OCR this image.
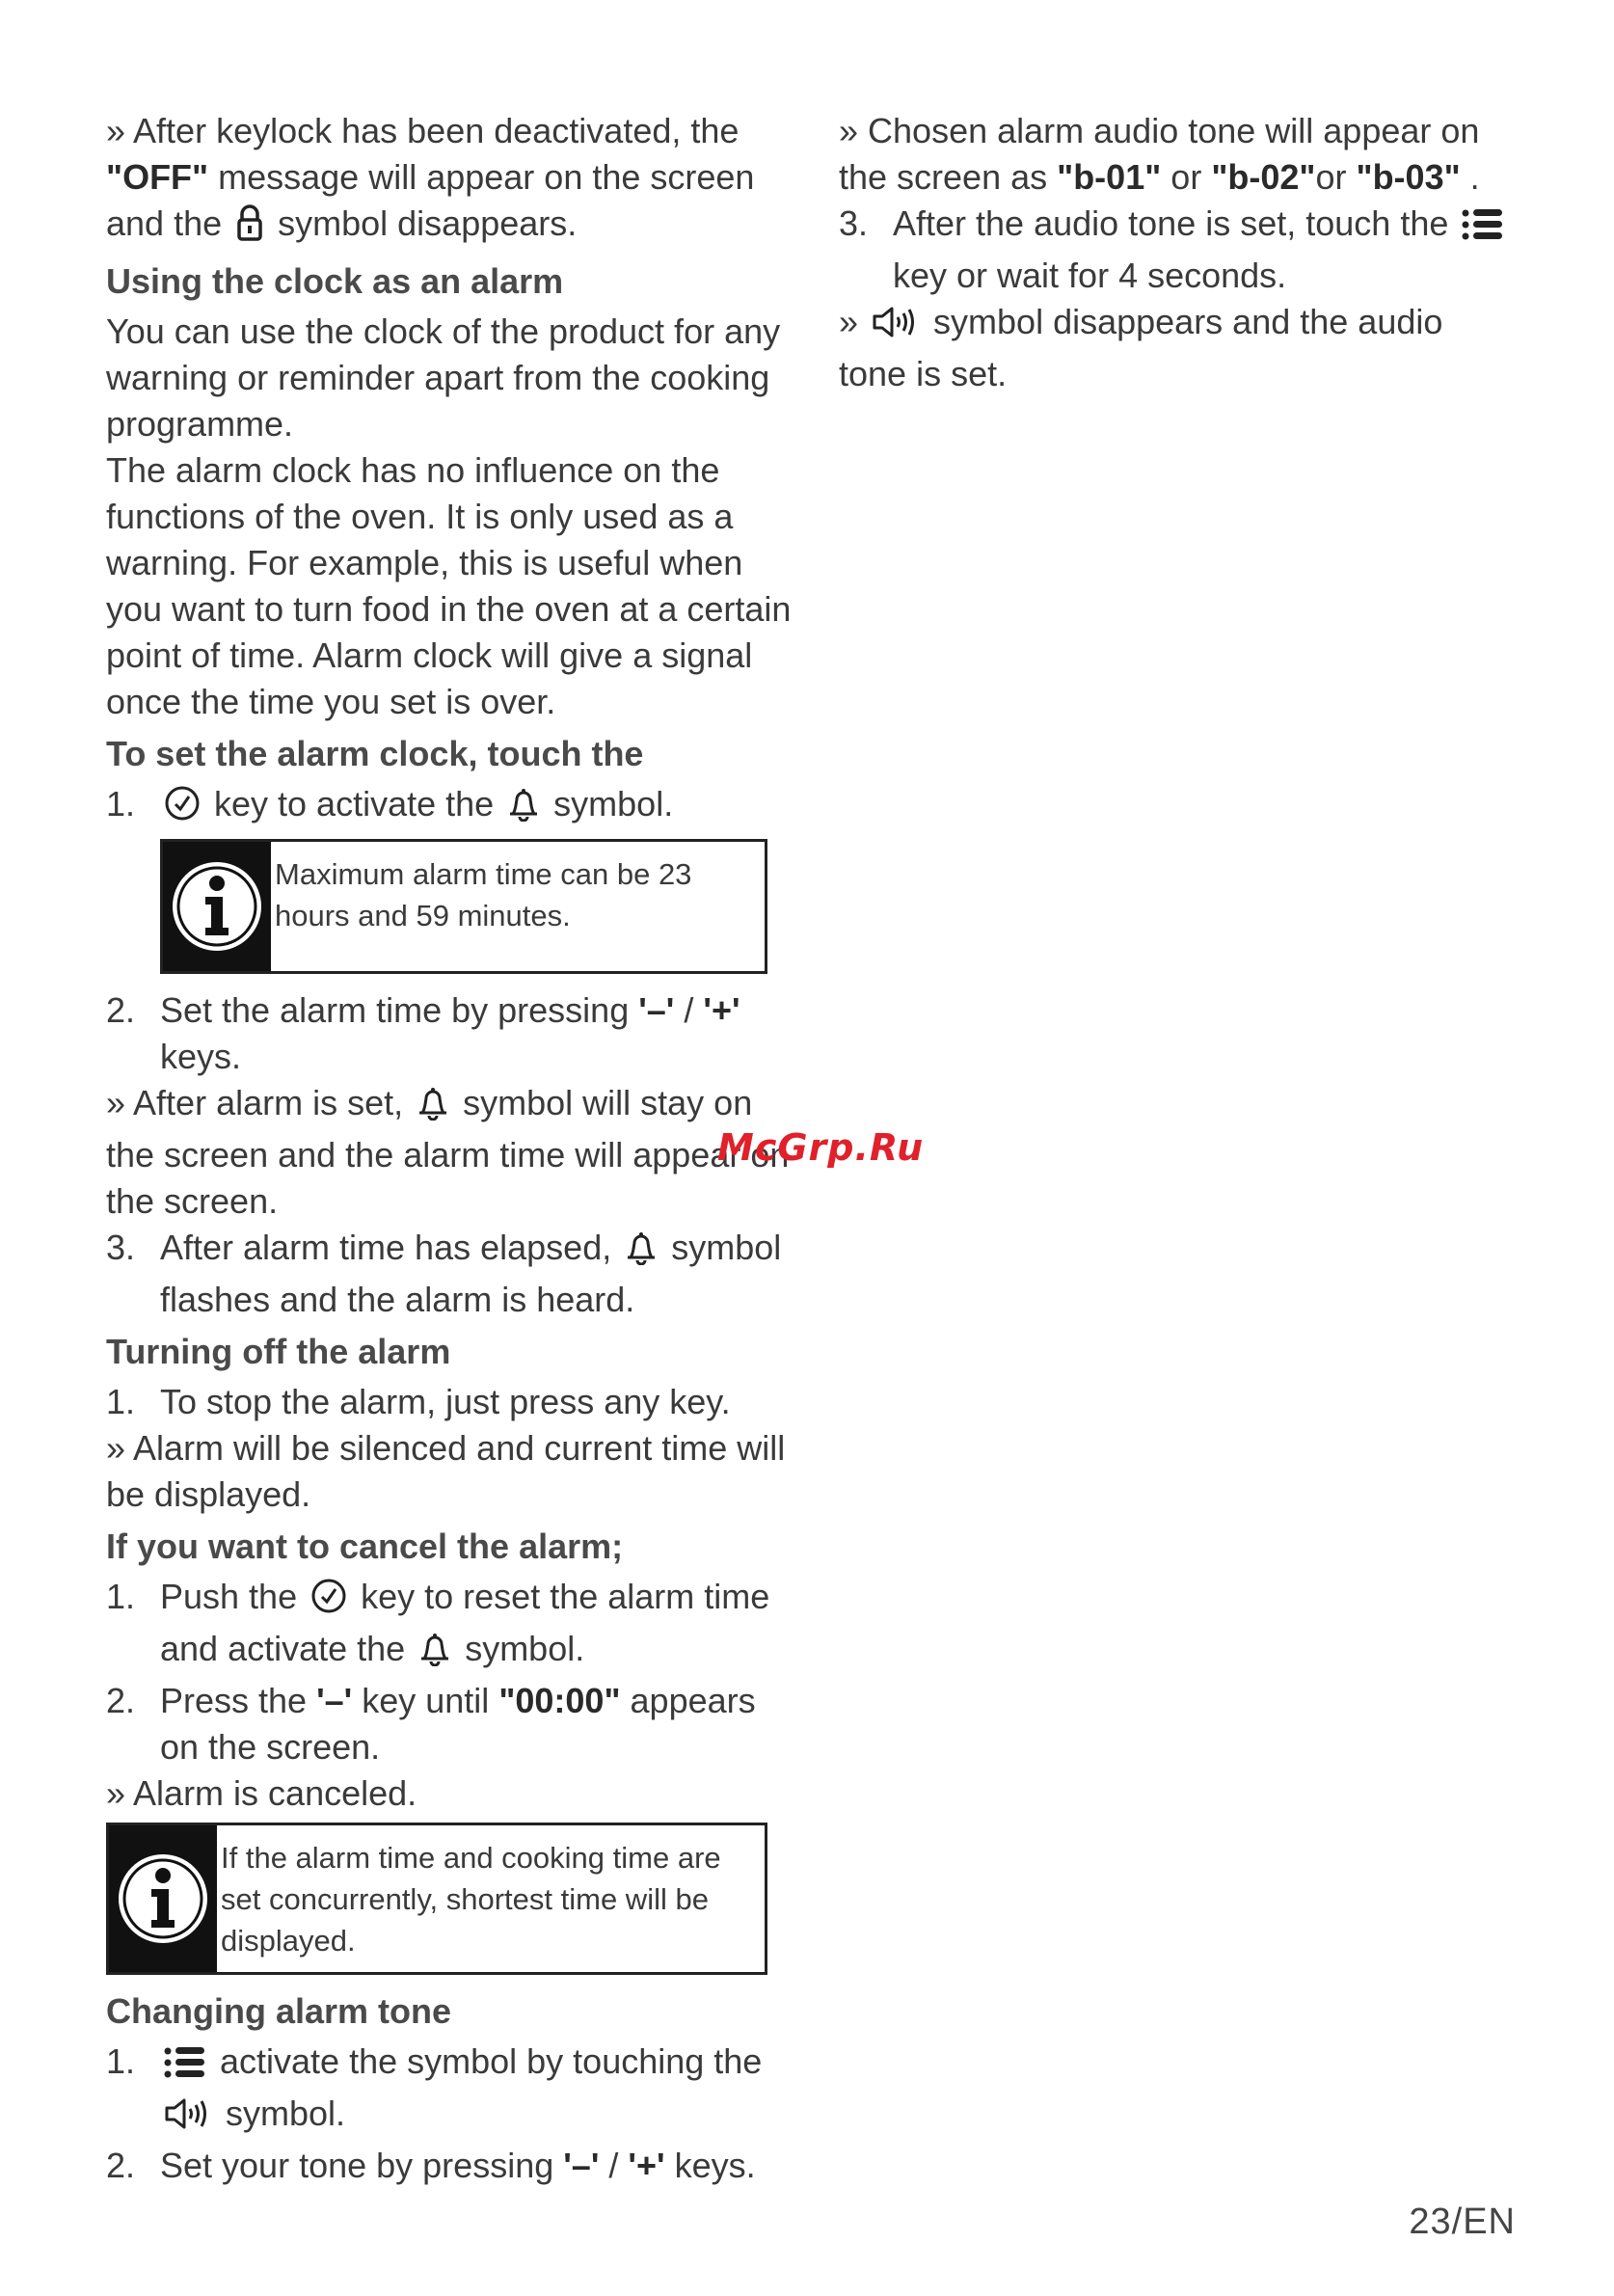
» After keylock has been deactivated, the "OFF" message will appear on the screen and the  symbol disappears.

Using the clock as an alarm

You can use the clock of the product for any warning or reminder apart from the cooking programme.

The alarm clock has no influence on the functions of the oven. It is only used as a warning. For example, this is useful when you want to turn food in the oven at a certain point of time. Alarm clock will give a signal once the time you set is over.

To set the alarm clock, touch the

1.	key to activate the  symbol.
Maximum alarm time can be 23 hours and 59 minutes.
2. Set the alarm time by pressing '–' / '+' keys.

» After alarm is set,  symbol will stay on the screen and the alarm time will appear on the screen.

3. After alarm time has elapsed,  symbol flashes and the alarm is heard.

Turning off the alarm

1. To stop the alarm, just press any key.

» Alarm will be silenced and current time will be displayed.

If you want to cancel the alarm;

1. Push the  key to reset the alarm time and activate the  symbol.
2. Press the '–' key until "00:00" appears on the screen.

» Alarm is canceled.

If the alarm time and cooking time are set concurrently, shortest time will be displayed.

Changing alarm tone

1.	activate the symbol by touching the  symbol.
2. Set your tone by pressing '–' / '+' keys.

» Chosen alarm audio tone will appear on the screen as "b-01" or "b-02"or "b-03" .

3. After the audio tone is set, touch the  key or wait for 4 seconds.

»  symbol disappears and the audio tone is set.

McGrp.Ru
23/EN
